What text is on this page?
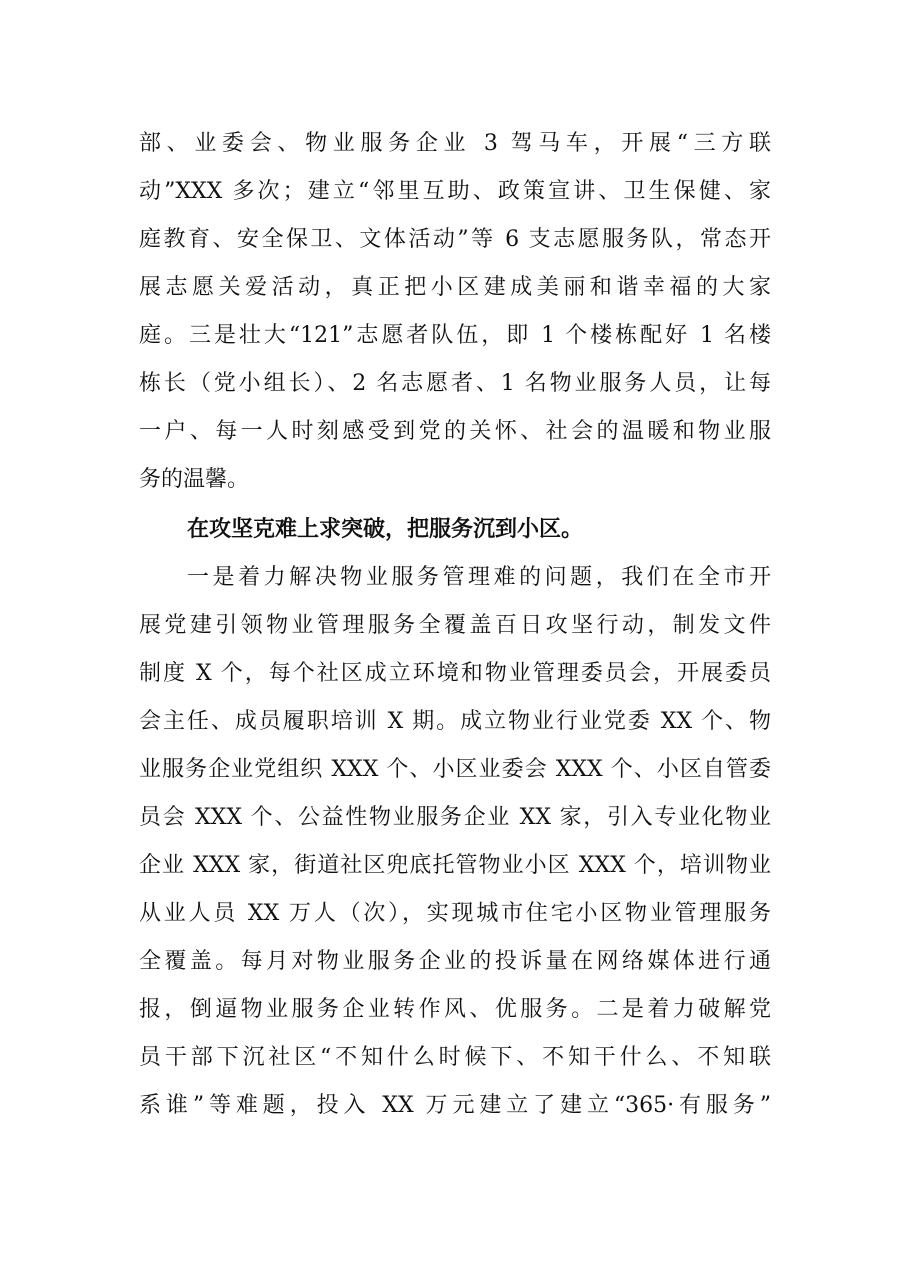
部、业委会、物业服务企业 3 驾马车，开展“三方联
动”XXX 多次；建立“邻里互助、政策宣讲、卫生保健、家
庭教育、安全保卫、文体活动”等 6 支志愿服务队，常态开
展志愿关爱活动，真正把小区建成美丽和谐幸福的大家
庭。三是壮大“121”志愿者队伍，即 1 个楼栋配好 1 名楼
栋长（党小组长）、2 名志愿者、1 名物业服务人员，让每
一户、每一人时刻感受到党的关怀、社会的温暖和物业服
务的温馨。
在攻坚克难上求突破，把服务沉到小区。
一是着力解决物业服务管理难的问题，我们在全市开
展党建引领物业管理服务全覆盖百日攻坚行动，制发文件
制度 X 个，每个社区成立环境和物业管理委员会，开展委员
会主任、成员履职培训 X 期。成立物业行业党委 XX 个、物
业服务企业党组织 XXX 个、小区业委会 XXX 个、小区自管委
员会 XXX 个、公益性物业服务企业 XX 家，引入专业化物业
企业 XXX 家，街道社区兜底托管物业小区 XXX 个，培训物业
从业人员 XX 万人（次），实现城市住宅小区物业管理服务
全覆盖。每月对物业服务企业的投诉量在网络媒体进行通
报，倒逼物业服务企业转作风、优服务。二是着力破解党
员干部下沉社区“不知什么时候下、不知干什么、不知联
系谁”等难题，投入 XX 万元建立了建立“365·有服务”
